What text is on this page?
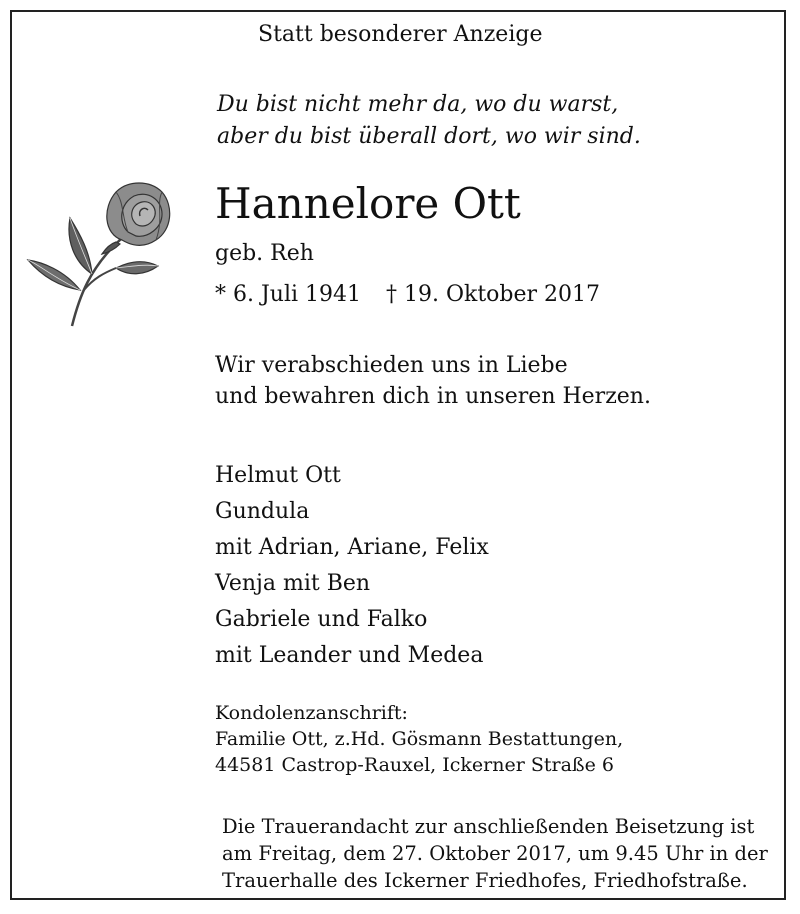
Statt besonderer Anzeige

Du bist nicht mehr da, wo du warst,
aber du bist überall dort, wo wir sind.

Hannelore Ott

geb. Reh

* 6. Juli 1941 † 19. Oktober 2017
Wir verabschieden uns in Liebe
und bewahren dich in unseren Herzen.
Helmut Ott
Gundula
mit Adrian, Ariane, Felix
Venja mit Ben
Gabriele und Falko
mit Leander und Medea
Kondolenzanschrift:
Familie Ott, z.Hd. Gösmann Bestattungen,
44581 Castrop-Rauxel, Ickerner Straße 6
Die Trauerandacht zur anschließenden Beisetzung ist
am Freitag, dem 27. Oktober 2017, um 9.45 Uhr in der
Trauerhalle des Ickerner Friedhofes, Friedhofstraße.
